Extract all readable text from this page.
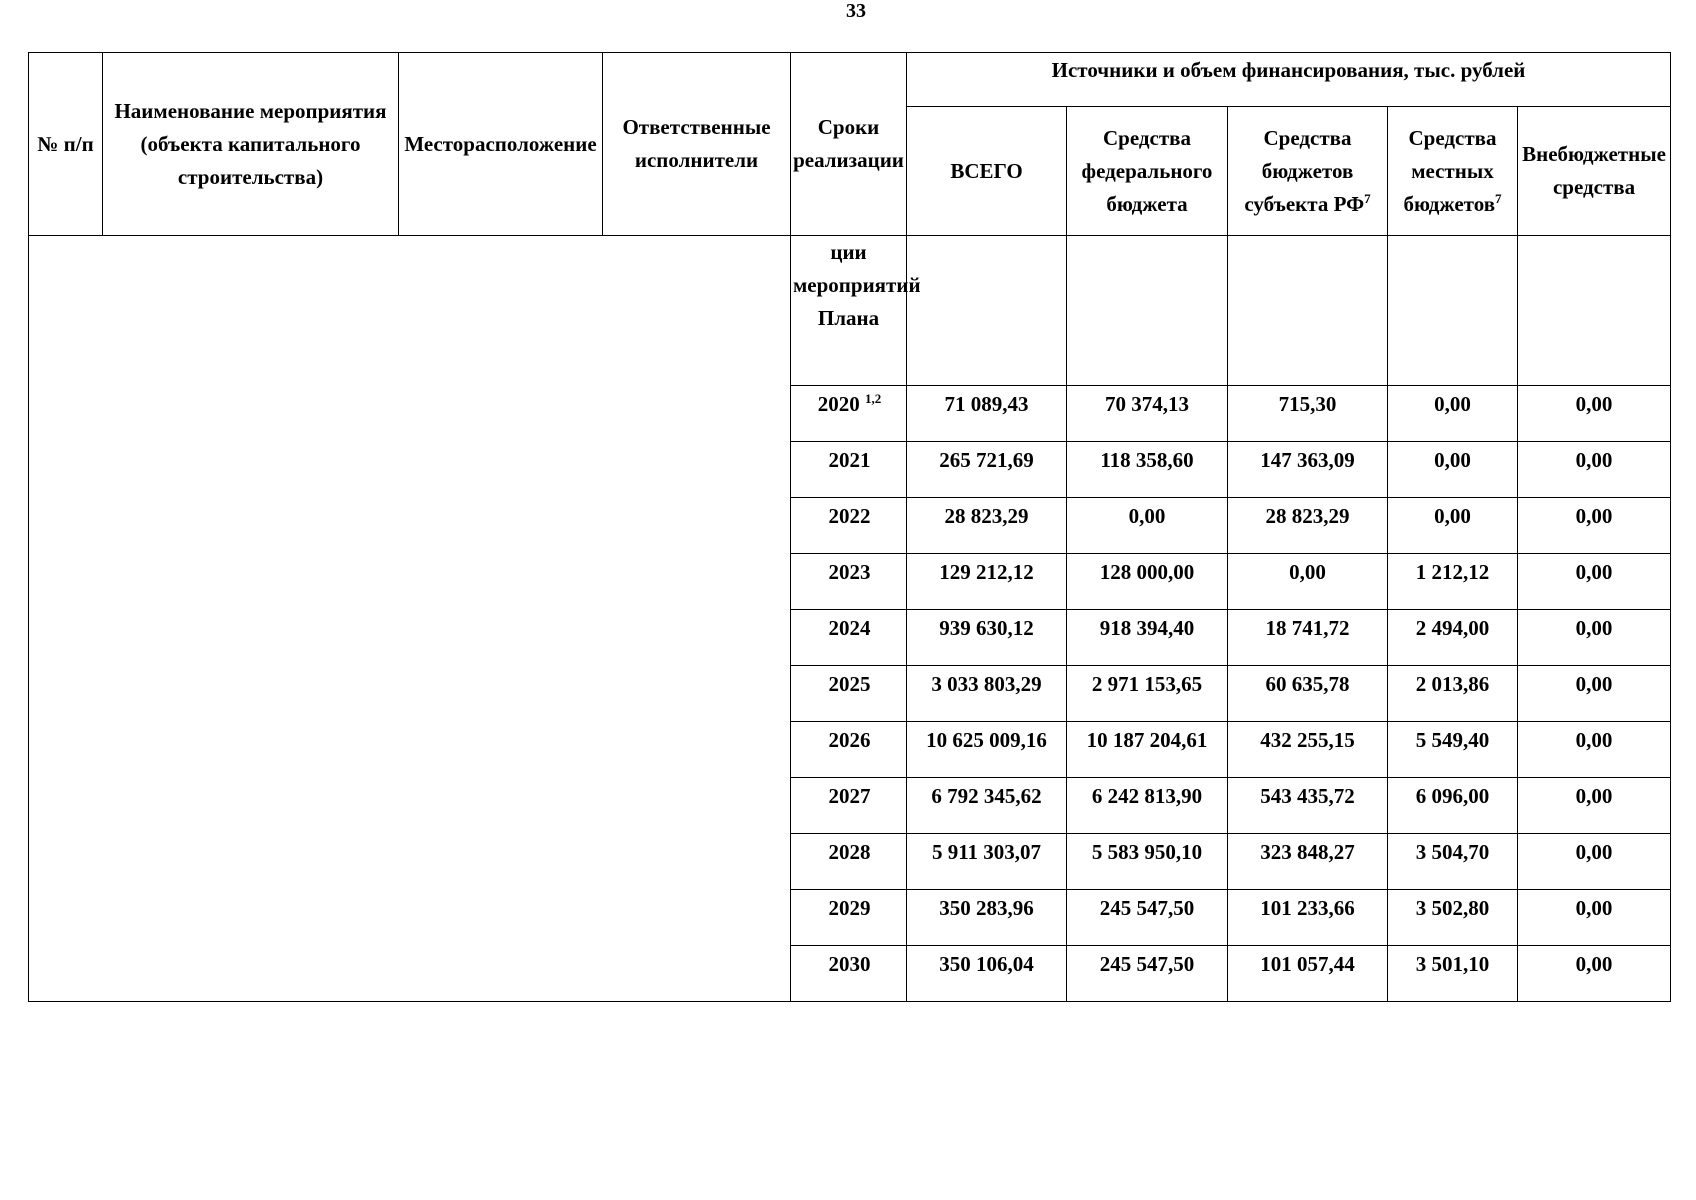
33
№ п/п	Наименование мероприятия (объекта капитального строительства)	Месторасположение	Ответственные исполнители	Сроки реализации	Источники и объем финансирования, тыс. рублей				

					ВСЕГО	Средства федерального бюджета	Средства бюджетов субъекта РФ$^7$	Средства местных бюджетов$^7$	Внебюджетные средства

				ции мероприятий Плана					
				2020 $^{1,2}$	71 089,43	70 374,13	715,30	0,00	0,00
				2021	265 721,69	118 358,60	147 363,09	0,00	0,00
				2022	28 823,29	0,00	28 823,29	0,00	0,00
				2023	129 212,12	128 000,00	0,00	1 212,12	0,00
				2024	939 630,12	918 394,40	18 741,72	2 494,00	0,00
				2025	3 033 803,29	2 971 153,65	60 635,78	2 013,86	0,00
				2026	10 625 009,16	10 187 204,61	432 255,15	5 549,40	0,00
				2027	6 792 345,62	6 242 813,90	543 435,72	6 096,00	0,00
				2028	5 911 303,07	5 583 950,10	323 848,27	3 504,70	0,00
				2029	350 283,96	245 547,50	101 233,66	3 502,80	0,00
				2030	350 106,04	245 547,50	101 057,44	3 501,10	0,00
